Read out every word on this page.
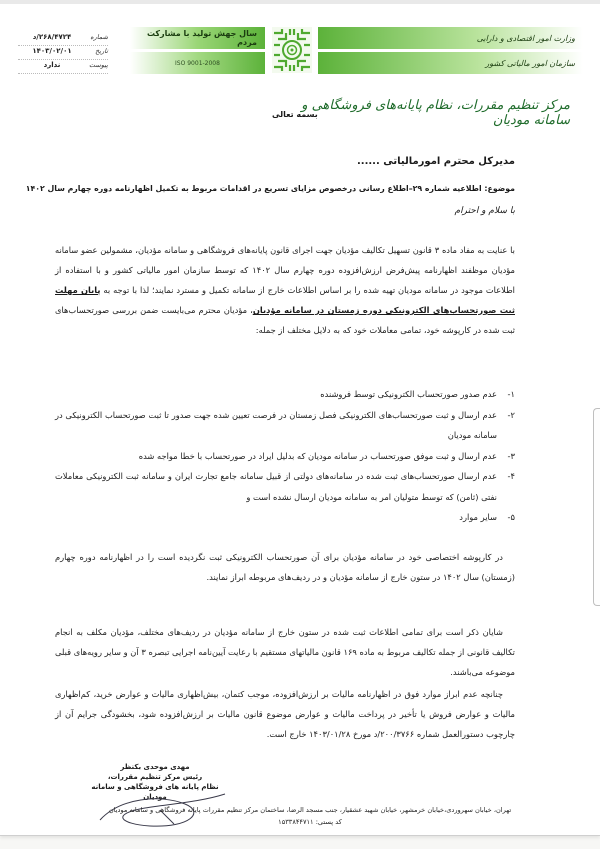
وزارت امور اقتصادی و دارایی
سازمان امور مالیاتی کشور
سال جهش تولید با مشارکت مردم
ISO 9001-2008
شماره
۲۶۸/۴۷۲۴/د
تاریخ
۱۴۰۳/۰۲/۰۱
پیوست
ندارد
مرکز تنظیم مقررات، نظام پایانه‌های فروشگاهی و سامانه مودیان
بسمه تعالی
مدیرکل محترم امورمالیاتی ......
موضوع: اطلاعیه شماره ۲۹–اطلاع رسانی درخصوص مزایای تسریع در اقدامات مربوط به تکمیل اظهارنامه دوره چهارم سال ۱۴۰۲
با سلام و احترام
با عنایت به مفاد ماده ۳ قانون تسهیل تکالیف مؤدیان جهت اجرای قانون پایانه‌های فروشگاهی و سامانه مؤدیان، مشمولین عضو سامانه مؤدیان موظفند اظهارنامه پیش‌فرض ارزش‌افزوده دوره چهارم سال ۱۴۰۲ که توسط سازمان امور مالیاتی کشور و با استفاده از اطلاعات موجود در سامانه مودیان تهیه شده را بر اساس اطلاعات خارج از سامانه تکمیل و مسترد نمایند؛ لذا با توجه به پایان مهلت ثبت صورتحساب‌های الکترونیکی دوره زمستان در سامانه مؤدیان، مؤدیان محترم می‌بایست ضمن بررسی صورتحساب‌های ثبت شده در کارپوشه خود، تمامی معاملات خود که به دلایل مختلف از جمله:
۱-
عدم صدور صورتحساب الکترونیکی توسط فروشنده
۲-
عدم ارسال و ثبت صورتحساب‌های الکترونیکی فصل زمستان در فرصت تعیین شده جهت صدور تا ثبت صورتحساب الکترونیکی در سامانه مودیان
۳-
عدم ارسال و ثبت موفق صورتحساب در سامانه مودیان که بدلیل ایراد در صورتحساب با خطا مواجه شده
۴-
عدم ارسال صورتحساب‌های ثبت شده در سامانه‌های دولتی از قبیل سامانه جامع تجارت ایران و سامانه ثبت الکترونیکی معاملات نفتی (ثامن) که توسط متولیان امر به سامانه مودیان ارسال نشده است و
۵-
سایر موارد
در کارپوشه اختصاصی خود در سامانه مؤدیان برای آن صورتحساب الکترونیکی ثبت نگردیده است را در اظهارنامه دوره چهارم (زمستان) سال ۱۴۰۲ در ستون خارج از سامانه مؤدیان و در ردیف‌های مربوطه ابراز نمایند.
شایان ذکر است برای تمامی اطلاعات ثبت شده در ستون خارج از سامانه مؤدیان در ردیف‌های مختلف، مؤدیان مکلف به انجام تکالیف قانونی از جمله تکالیف مربوط به ماده ۱۶۹ قانون مالیاتهای مستقیم با رعایت آیین‌نامه اجرایی تبصره ۳ آن و سایر رویه‌های قبلی موضوعه می‌باشند.
چنانچه عدم ابراز موارد فوق در اظهارنامه مالیات بر ارزش‌افزوده، موجب کتمان، بیش‌اظهاری مالیات و عوارض خرید، کم‌اظهاری مالیات و عوارض فروش یا تأخیر در پرداخت مالیات و عوارض موضوع قانون مالیات بر ارزش‌افزوده شود، بخشودگی جرایم آن از چارچوب دستورالعمل شماره ۲۰۰/۳۷۶۶/د مورخ ۱۴۰۳/۰۱/۲۸ خارج است.
مهدی موحدی بکنظر
رئیس مرکز تنظیم مقررات،
نظام پایانه های فروشگاهی و سامانه مودیان
تهران، خیابان سهروردی،خیابان خرمشهر، خیابان شهید عشقیار، جنب مسجد الرضا، ساختمان مرکز تنظیم مقررات پایانه فروشگاهی و سامانه مودیان
کد پستی: ۱۵۳۳۸۴۴۷۱۱
